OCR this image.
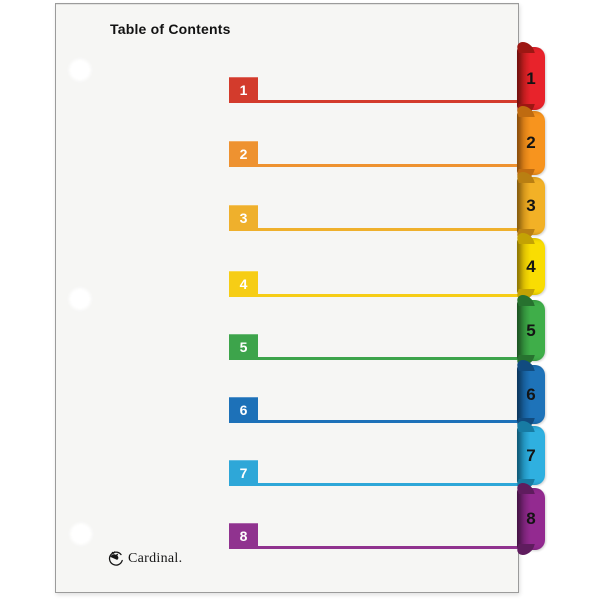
Table of Contents
1
2
3
4
5
6
7
8
Cardinal.
1
2
3
4
5
6
7
8
